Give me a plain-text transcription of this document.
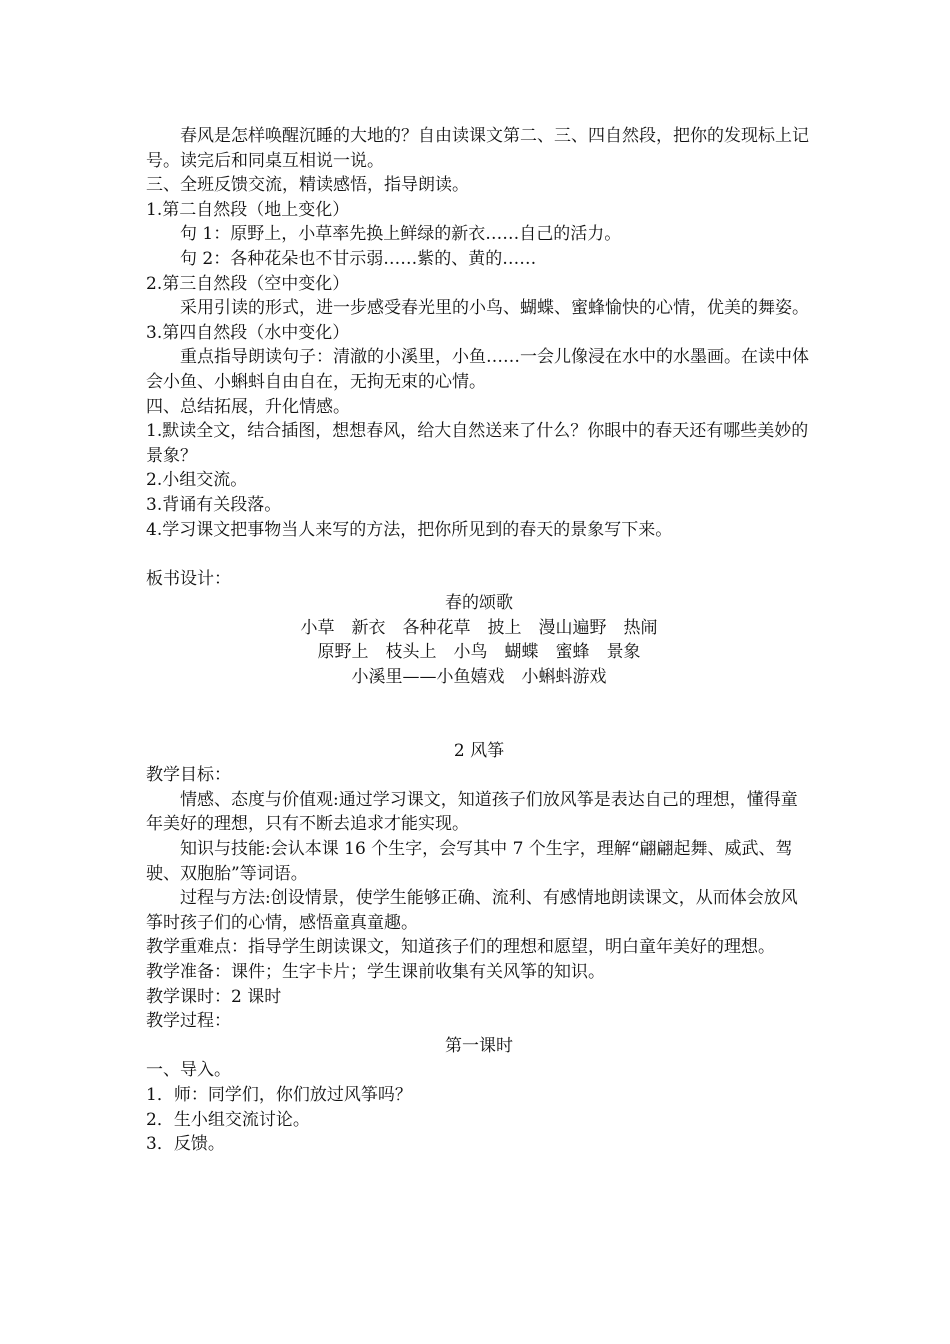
春风是怎样唤醒沉睡的大地的？自由读课文第二、三、四自然段，把你的发现标上记号。读完后和同桌互相说一说。

三、全班反馈交流，精读感悟，指导朗读。

1.第二自然段（地上变化）

句 1：原野上，小草率先换上鲜绿的新衣……自己的活力。

句 2：各种花朵也不甘示弱……紫的、黄的……

2.第三自然段（空中变化）

采用引读的形式，进一步感受春光里的小鸟、蝴蝶、蜜蜂愉快的心情，优美的舞姿。

3.第四自然段（水中变化）

重点指导朗读句子：清澈的小溪里，小鱼……一会儿像浸在水中的水墨画。在读中体会小鱼、小蝌蚪自由自在，无拘无束的心情。

四、总结拓展，升化情感。

1.默读全文，结合插图，想想春风，给大自然送来了什么？你眼中的春天还有哪些美妙的景象？

2.小组交流。

3.背诵有关段落。

4.学习课文把事物当人来写的方法，把你所见到的春天的景象写下来。

板书设计：

春的颂歌

小草　新衣　各种花草　披上　漫山遍野　热闹

原野上　枝头上　小鸟　蝴蝶　蜜蜂　景象

小溪里——小鱼嬉戏　小蝌蚪游戏

2 风筝

教学目标：

情感、态度与价值观:通过学习课文，知道孩子们放风筝是表达自己的理想，懂得童年美好的理想，只有不断去追求才能实现。

知识与技能:会认本课 16 个生字，会写其中 7 个生字，理解“翩翩起舞、威武、驾驶、双胞胎”等词语。

过程与方法:创设情景，使学生能够正确、流利、有感情地朗读课文，从而体会放风筝时孩子们的心情，感悟童真童趣。

教学重难点：指导学生朗读课文，知道孩子们的理想和愿望，明白童年美好的理想。

教学准备：课件；生字卡片；学生课前收集有关风筝的知识。

教学课时：2 课时

教学过程：

第一课时

一、导入。

1．师：同学们，你们放过风筝吗？

2．生小组交流讨论。

3．反馈。
